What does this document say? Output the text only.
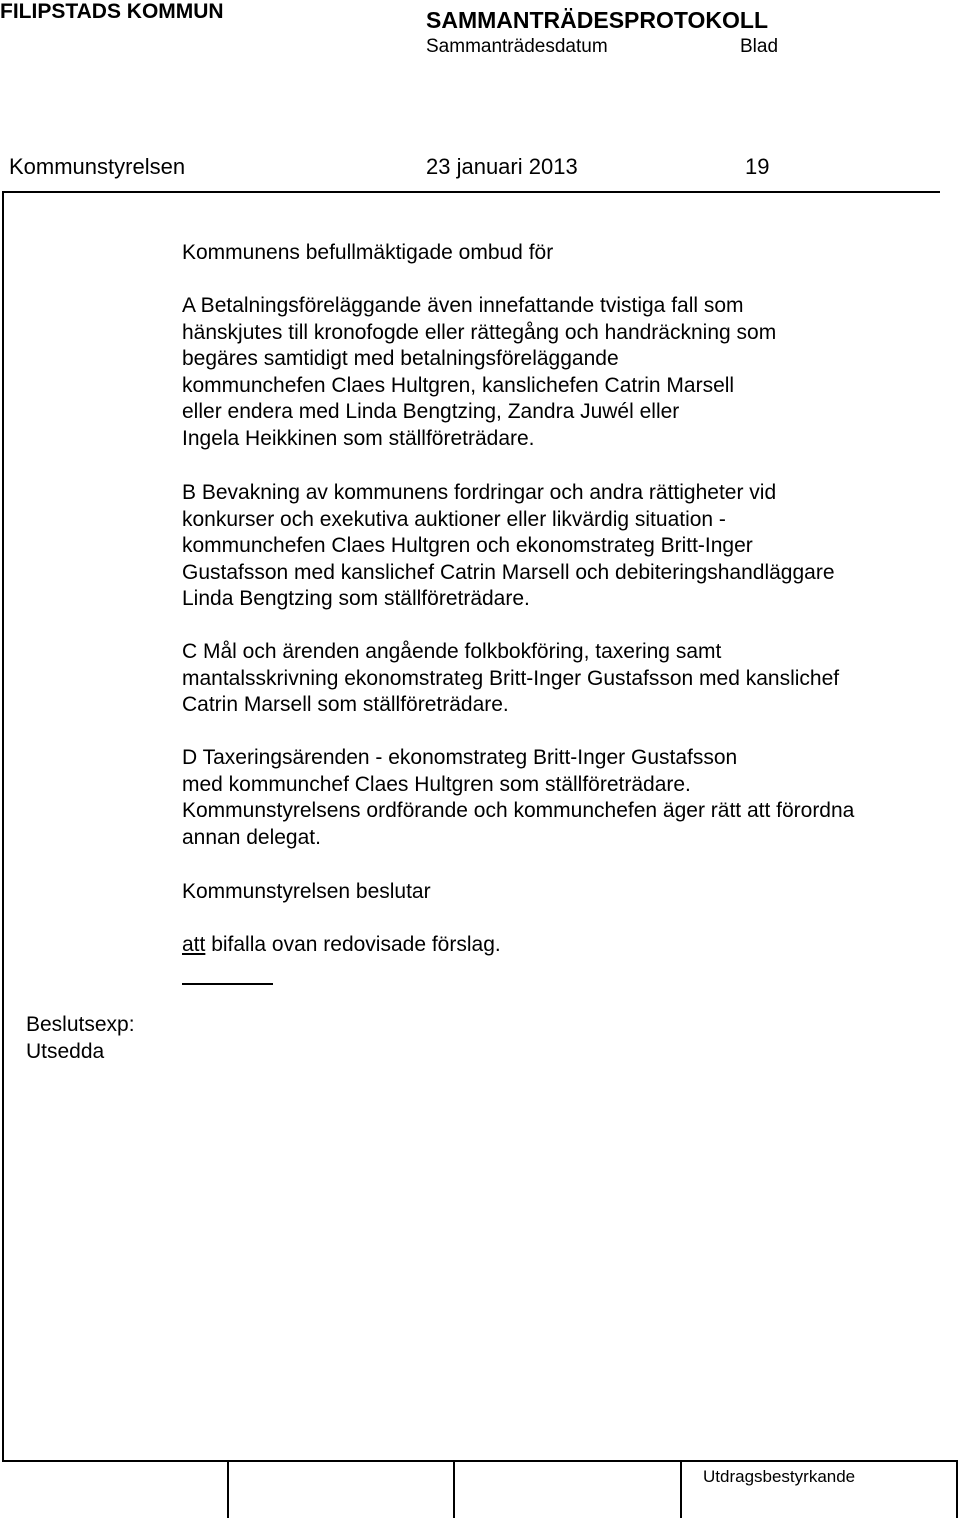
FILIPSTADS KOMMUN	SAMMANTRÄDESPROTOKOLL
Sammanträdesdatum	Blad
Kommunstyrelsen	23 januari 2013	19
Kommunens befullmäktigade ombud för
A Betalningsföreläggande även innefattande tvistiga fall som
hänskjutes till kronofogde eller rättegång och handräckning som
begäres samtidigt med betalningsföreläggande
kommunchefen Claes Hultgren, kanslichefen Catrin Marsell
eller endera med Linda Bengtzing, Zandra Juwél eller
Ingela Heikkinen som ställföreträdare.
B Bevakning av kommunens fordringar och andra rättigheter vid
konkurser och exekutiva auktioner eller likvärdig situation -
kommunchefen Claes Hultgren och ekonomstrateg Britt-Inger
Gustafsson med kanslichef Catrin Marsell och debiteringshandläggare
Linda Bengtzing som ställföreträdare.
C Mål och ärenden angående folkbokföring, taxering samt
mantalsskrivning ekonomstrateg Britt-Inger Gustafsson med kanslichef
Catrin Marsell som ställföreträdare.
D Taxeringsärenden - ekonomstrateg Britt-Inger Gustafsson
med kommunchef Claes Hultgren som ställföreträdare.
Kommunstyrelsens ordförande och kommunchefen äger rätt att förordna
annan delegat.
Kommunstyrelsen beslutar
att bifalla ovan redovisade förslag.
Beslutsexp:
Utsedda
Utdragsbestyrkande
